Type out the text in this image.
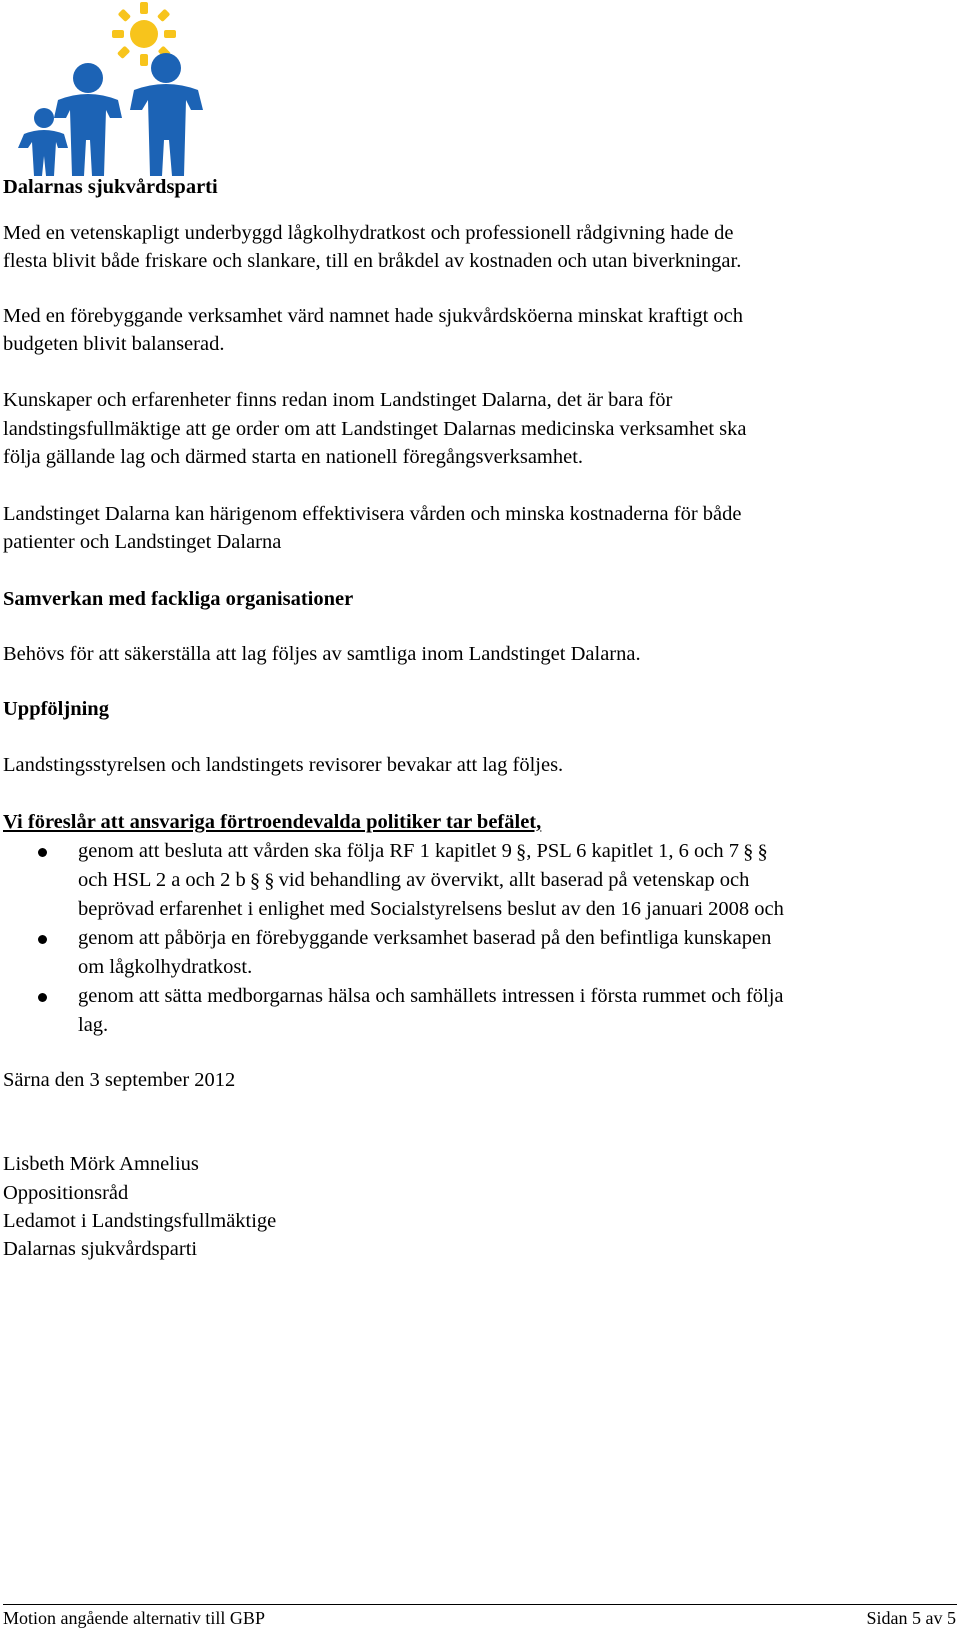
Dalarnas sjukvårdsparti
Med en vetenskapligt underbyggd lågkolhydratkost och professionell rådgivning hade de
flesta blivit både friskare och slankare, till en bråkdel av kostnaden och utan biverkningar.
Med en förebyggande verksamhet värd namnet hade sjukvårdsköerna minskat kraftigt och
budgeten blivit balanserad.
Kunskaper och erfarenheter finns redan inom Landstinget Dalarna, det är bara för
landstingsfullmäktige att ge order om att Landstinget Dalarnas medicinska verksamhet ska
följa gällande lag och därmed starta en nationell föregångsverksamhet.
Landstinget Dalarna kan härigenom effektivisera vården och minska kostnaderna för både
patienter och Landstinget Dalarna
Samverkan med fackliga organisationer
Behövs för att säkerställa att lag följes av samtliga inom Landstinget Dalarna.
Uppföljning
Landstingsstyrelsen och landstingets revisorer bevakar att lag följes.
Vi föreslår att ansvariga förtroendevalda politiker tar befälet,
genom att besluta att vården ska följa RF 1 kapitlet 9  §, PSL 6 kapitlet 1, 6 och 7  §  §
och HSL 2 a och 2 b  §  §  vid behandling av övervikt, allt baserad på vetenskap och
beprövad erfarenhet i enlighet med Socialstyrelsens beslut av den 16 januari 2008 och
genom att påbörja en förebyggande verksamhet baserad på den befintliga kunskapen
om lågkolhydratkost.
genom att sätta medborgarnas hälsa och samhällets intressen i första rummet och följa
lag.
Särna den 3 september 2012
Lisbeth Mörk Amnelius
Oppositionsråd
Ledamot i Landstingsfullmäktige
Dalarnas sjukvårdsparti
Motion angående alternativ till GBP	Sidan 5 av 5
